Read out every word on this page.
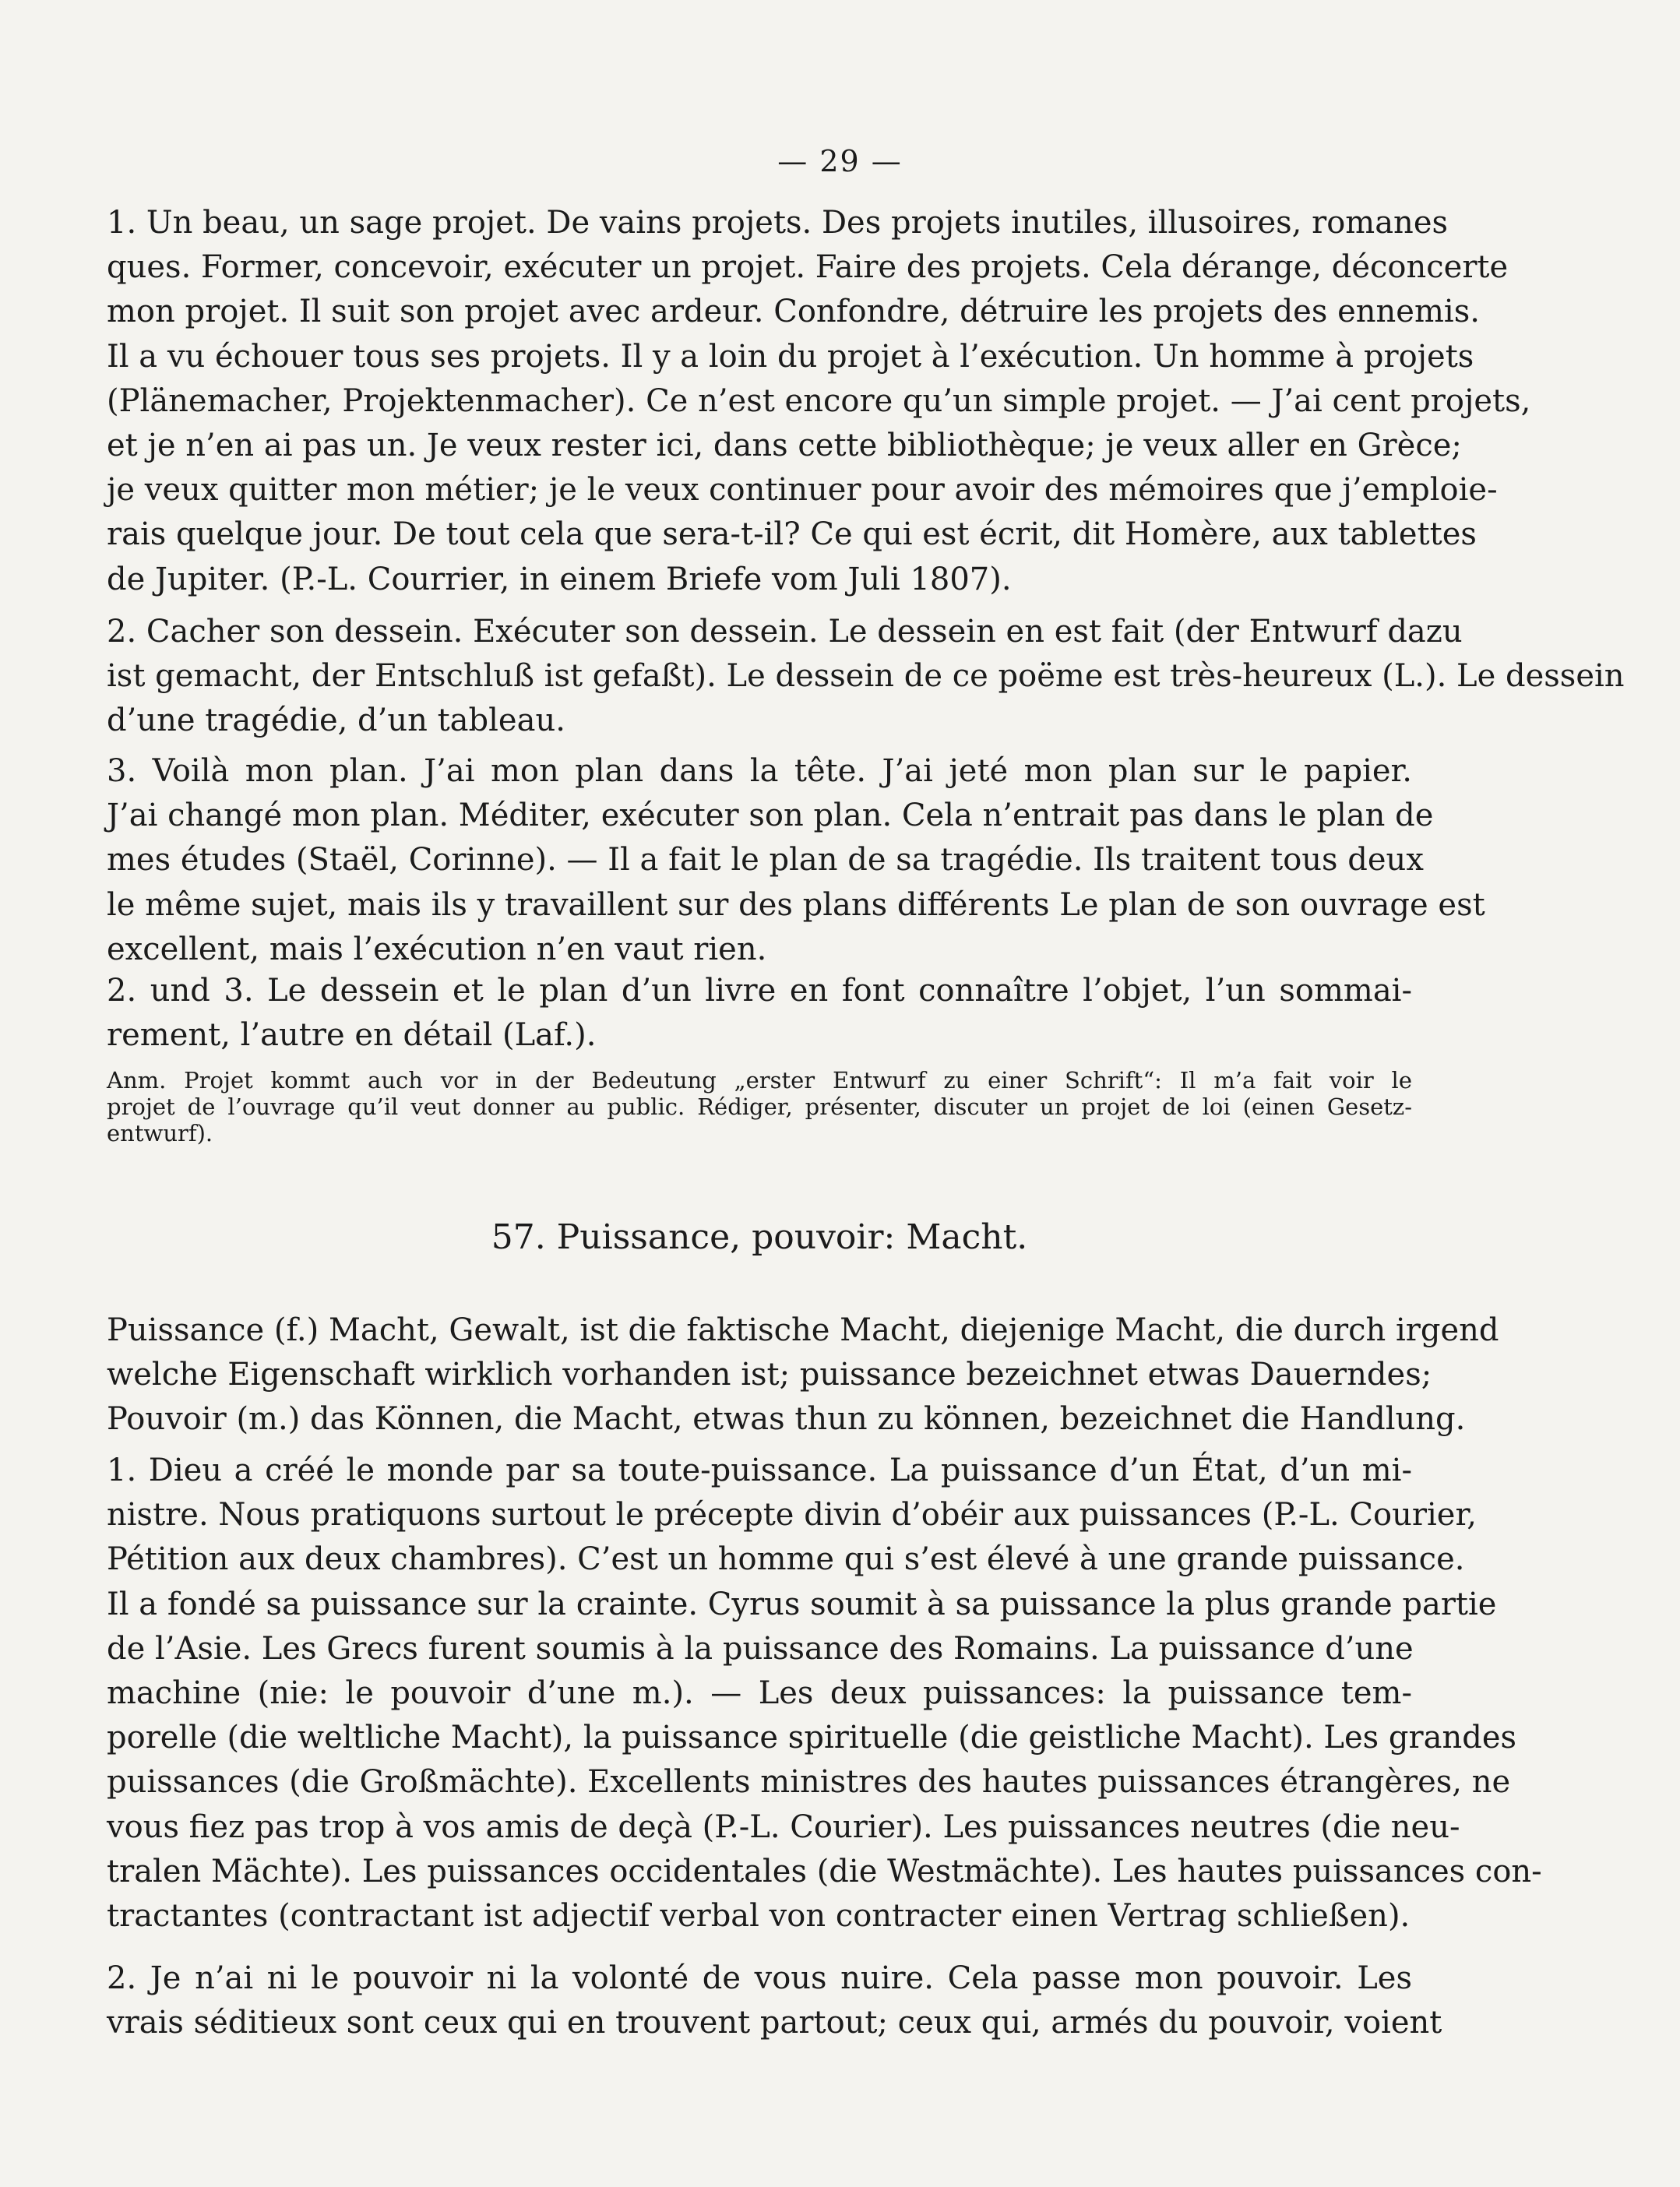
— 29 —
1. Un beau, un sage projet. De vains projets. Des projets inutiles, illusoires, romanes
ques. Former, concevoir, exécuter un projet. Faire des projets. Cela dérange, déconcerte
mon projet. Il suit son projet avec ardeur. Confondre, détruire les projets des ennemis.
Il a vu échouer tous ses projets. Il y a loin du projet à l’exécution. Un homme à projets
(Plänemacher, Projektenmacher). Ce n’est encore qu’un simple projet. — J’ai cent projets,
et je n’en ai pas un. Je veux rester ici, dans cette bibliothèque; je veux aller en Grèce;
je veux quitter mon métier; je le veux continuer pour avoir des mémoires que j’emploie-
rais quelque jour. De tout cela que sera-t-il? Ce qui est écrit, dit Homère, aux tablettes
de Jupiter. (P.-L. Courrier, in einem Briefe vom Juli 1807).
2. Cacher son dessein. Exécuter son dessein. Le dessein en est fait (der Entwurf dazu
ist gemacht, der Entschluß ist gefaßt). Le dessein de ce poëme est très-heureux (L.). Le dessein
d’une tragédie, d’un tableau.
3. Voilà mon plan. J’ai mon plan dans la tête. J’ai jeté mon plan sur le papier.
J’ai changé mon plan. Méditer, exécuter son plan. Cela n’entrait pas dans le plan de
mes études (Staël, Corinne). — Il a fait le plan de sa tragédie. Ils traitent tous deux
le même sujet, mais ils y travaillent sur des plans différents Le plan de son ouvrage est
excellent, mais l’exécution n’en vaut rien.
2. und 3. Le dessein et le plan d’un livre en font connaître l’objet, l’un sommai-
rement, l’autre en détail (Laf.).
Anm. Projet kommt auch vor in der Bedeutung „erster Entwurf zu einer Schrift“: Il m’a fait voir le
projet de l’ouvrage qu’il veut donner au public. Rédiger, présenter, discuter un projet de loi (einen Gesetz-
entwurf).
57. Puissance, pouvoir: Macht.
Puissance (f.) Macht, Gewalt, ist die faktische Macht, diejenige Macht, die durch irgend
welche Eigenschaft wirklich vorhanden ist; puissance bezeichnet etwas Dauerndes;
Pouvoir (m.) das Können, die Macht, etwas thun zu können, bezeichnet die Handlung.
1. Dieu a créé le monde par sa toute-puissance. La puissance d’un État, d’un mi-
nistre. Nous pratiquons surtout le précepte divin d’obéir aux puissances (P.-L. Courier,
Pétition aux deux chambres). C’est un homme qui s’est élevé à une grande puissance.
Il a fondé sa puissance sur la crainte. Cyrus soumit à sa puissance la plus grande partie
de l’Asie. Les Grecs furent soumis à la puissance des Romains. La puissance d’une
machine (nie: le pouvoir d’une m.). — Les deux puissances: la puissance tem-
porelle (die weltliche Macht), la puissance spirituelle (die geistliche Macht). Les grandes
puissances (die Großmächte). Excellents ministres des hautes puissances étrangères, ne
vous fiez pas trop à vos amis de deçà (P.-L. Courier). Les puissances neutres (die neu-
tralen Mächte). Les puissances occidentales (die Westmächte). Les hautes puissances con-
tractantes (contractant ist adjectif verbal von contracter einen Vertrag schließen).
2. Je n’ai ni le pouvoir ni la volonté de vous nuire. Cela passe mon pouvoir. Les
vrais séditieux sont ceux qui en trouvent partout; ceux qui, armés du pouvoir, voient
